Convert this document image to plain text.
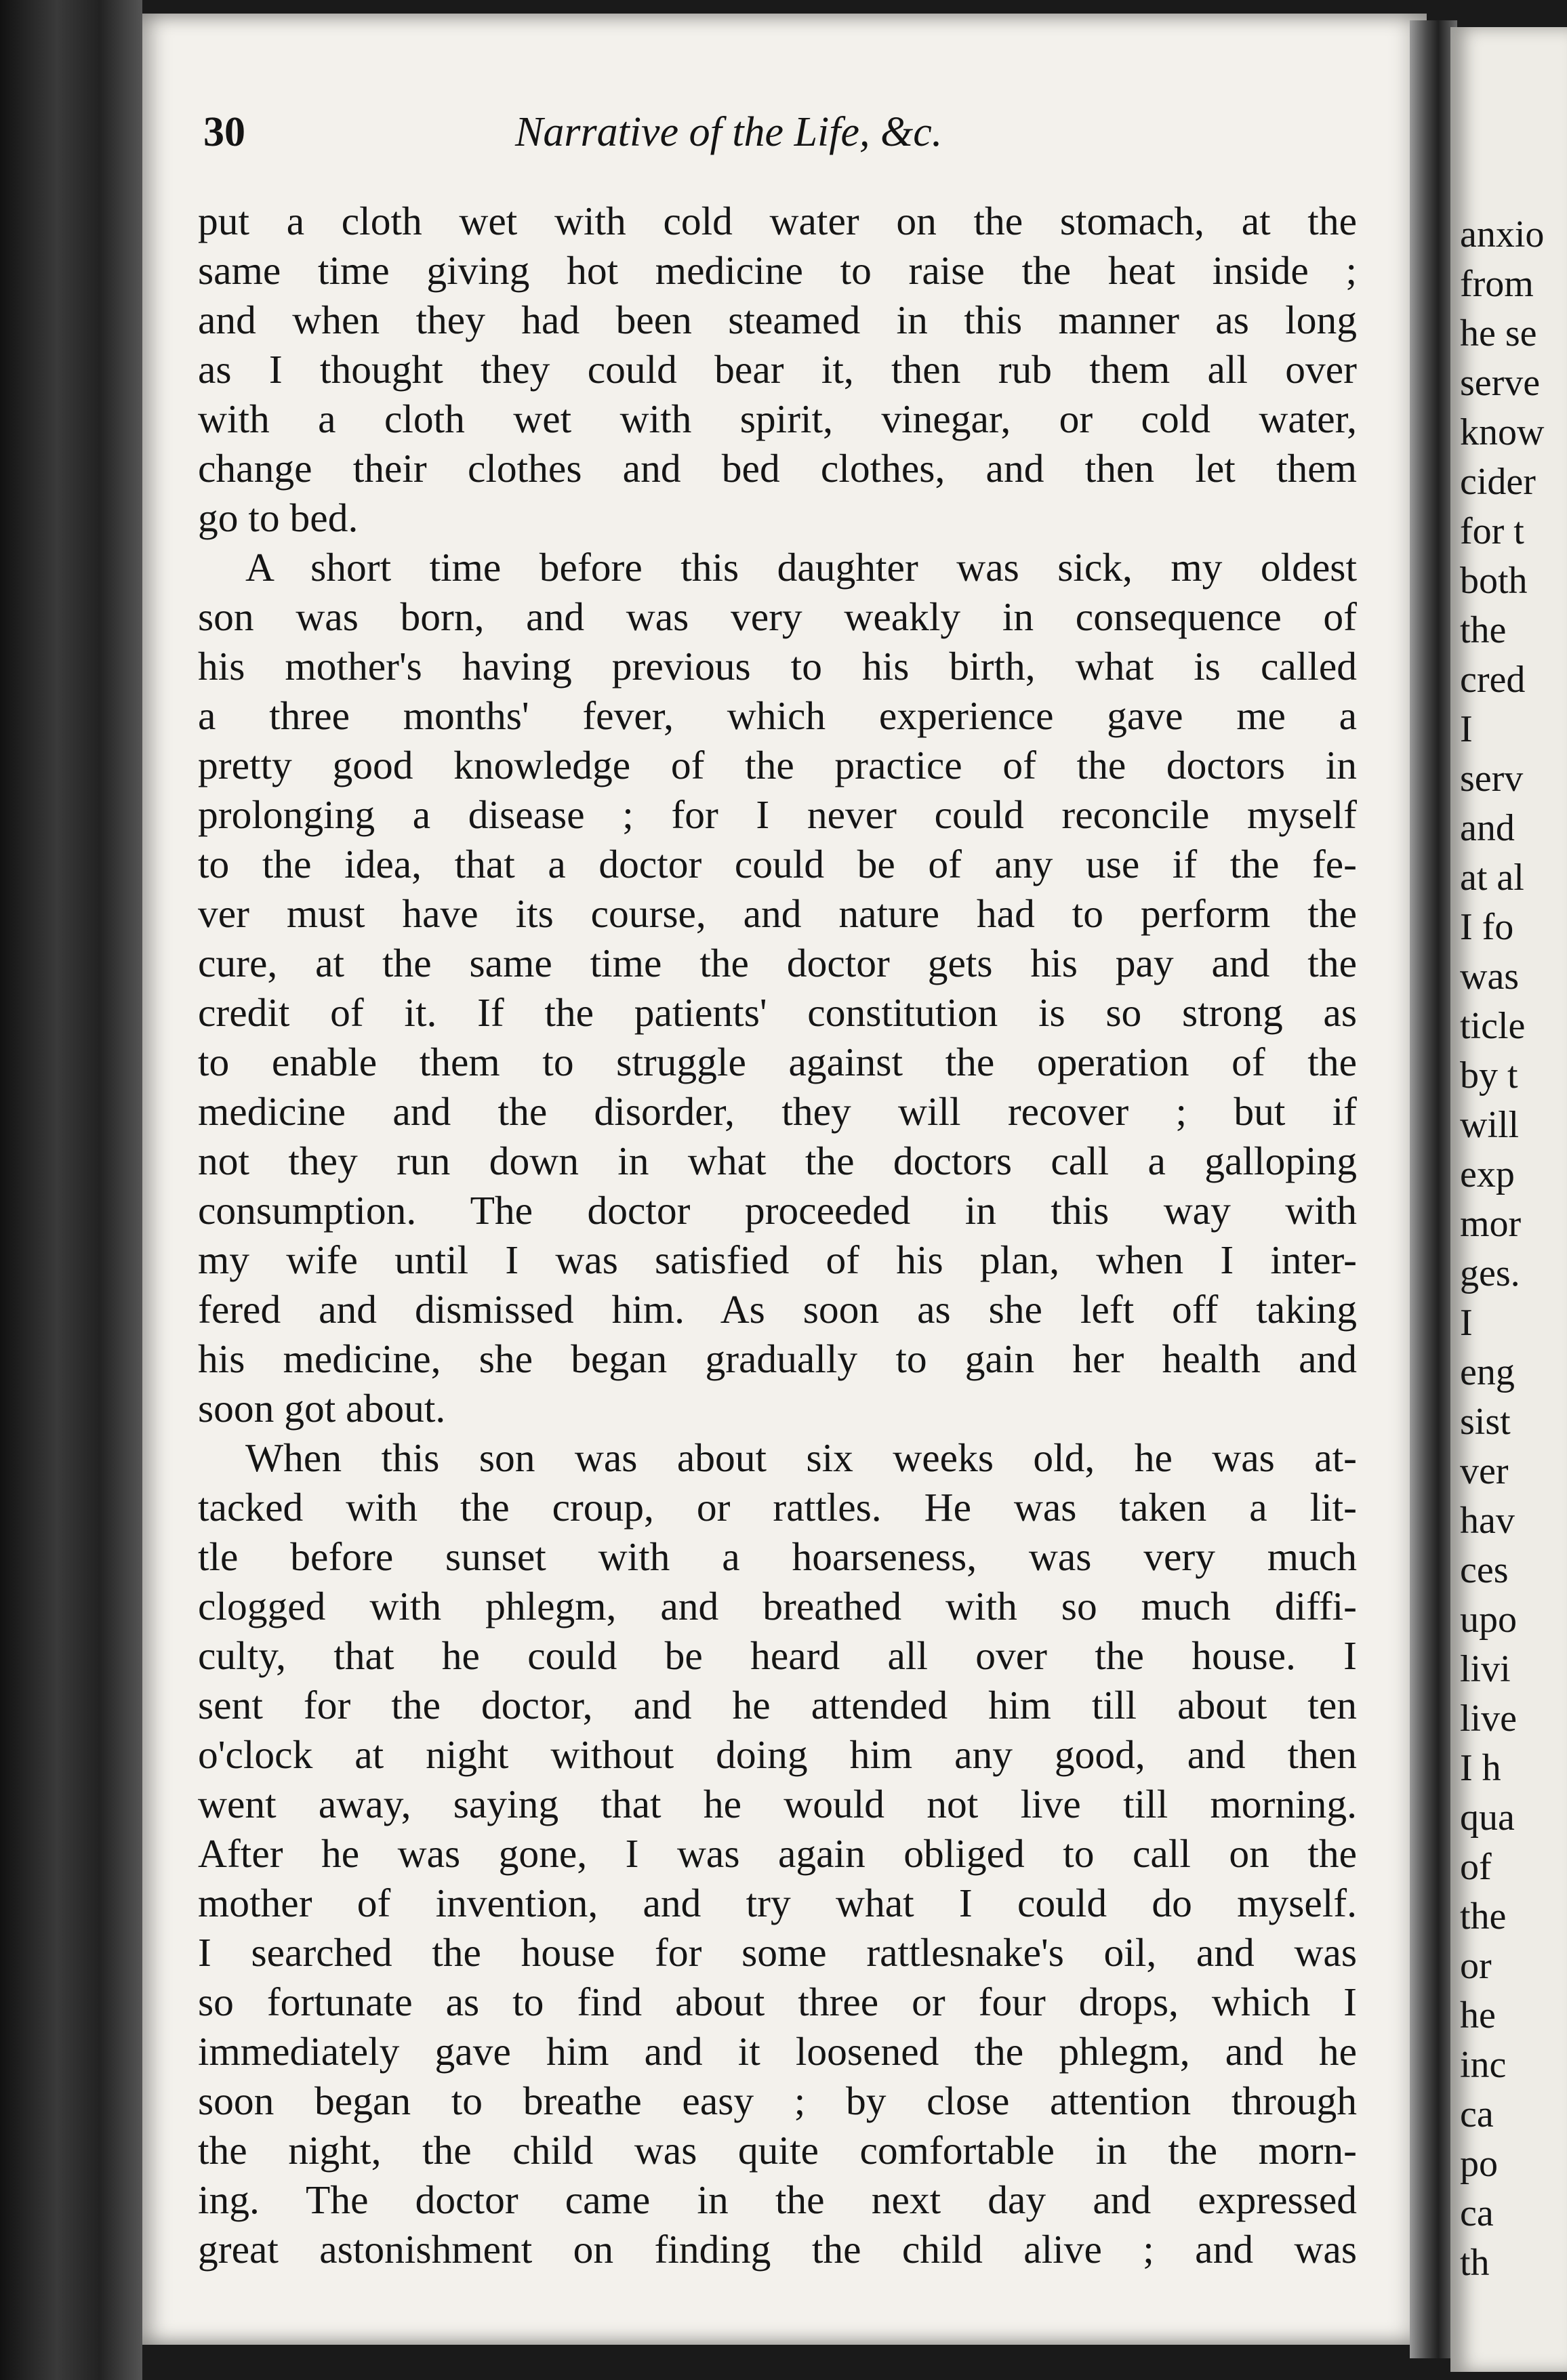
anxio
from
he se
serve
know
cider
for t
both
the
cred
I
serv
and
at al
I fo
was
ticle
by t
will
exp
mor
ges.
I
eng
sist
ver
hav
ces
upo
livi
live
I h
qua
of
the
or
he
inc
ca
po
ca
th
30	Narrative of the Life, &c.
put a cloth wet with cold water on the stomach, at the
same time giving hot medicine to raise the heat inside ;
and when they had been steamed in this manner as long
as I thought they could bear it, then rub them all over
with a cloth wet with spirit, vinegar, or cold water,
change their clothes and bed clothes, and then let them
go to bed.
A short time before this daughter was sick, my oldest
son was born, and was very weakly in consequence of
his mother's having previous to his birth, what is called
a three months' fever, which experience gave me a
pretty good knowledge of the practice of the doctors in
prolonging a disease ; for I never could reconcile myself
to the idea, that a doctor could be of any use if the fe-
ver must have its course, and nature had to perform the
cure, at the same time the doctor gets his pay and the
credit of it. If the patients' constitution is so strong as
to enable them to struggle against the operation of the
medicine and the disorder, they will recover ; but if
not they run down in what the doctors call a galloping
consumption. The doctor proceeded in this way with
my wife until I was satisfied of his plan, when I inter-
fered and dismissed him. As soon as she left off taking
his medicine, she began gradually to gain her health and
soon got about.
When this son was about six weeks old, he was at-
tacked with the croup, or rattles. He was taken a lit-
tle before sunset with a hoarseness, was very much
clogged with phlegm, and breathed with so much diffi-
culty, that he could be heard all over the house. I
sent for the doctor, and he attended him till about ten
o'clock at night without doing him any good, and then
went away, saying that he would not live till morning.
After he was gone, I was again obliged to call on the
mother of invention, and try what I could do myself.
I searched the house for some rattlesnake's oil, and was
so fortunate as to find about three or four drops, which I
immediately gave him and it loosened the phlegm, and he
soon began to breathe easy ; by close attention through
the night, the child was quite comfortable in the morn-
ing. The doctor came in the next day and expressed
great astonishment on finding the child alive ; and was
